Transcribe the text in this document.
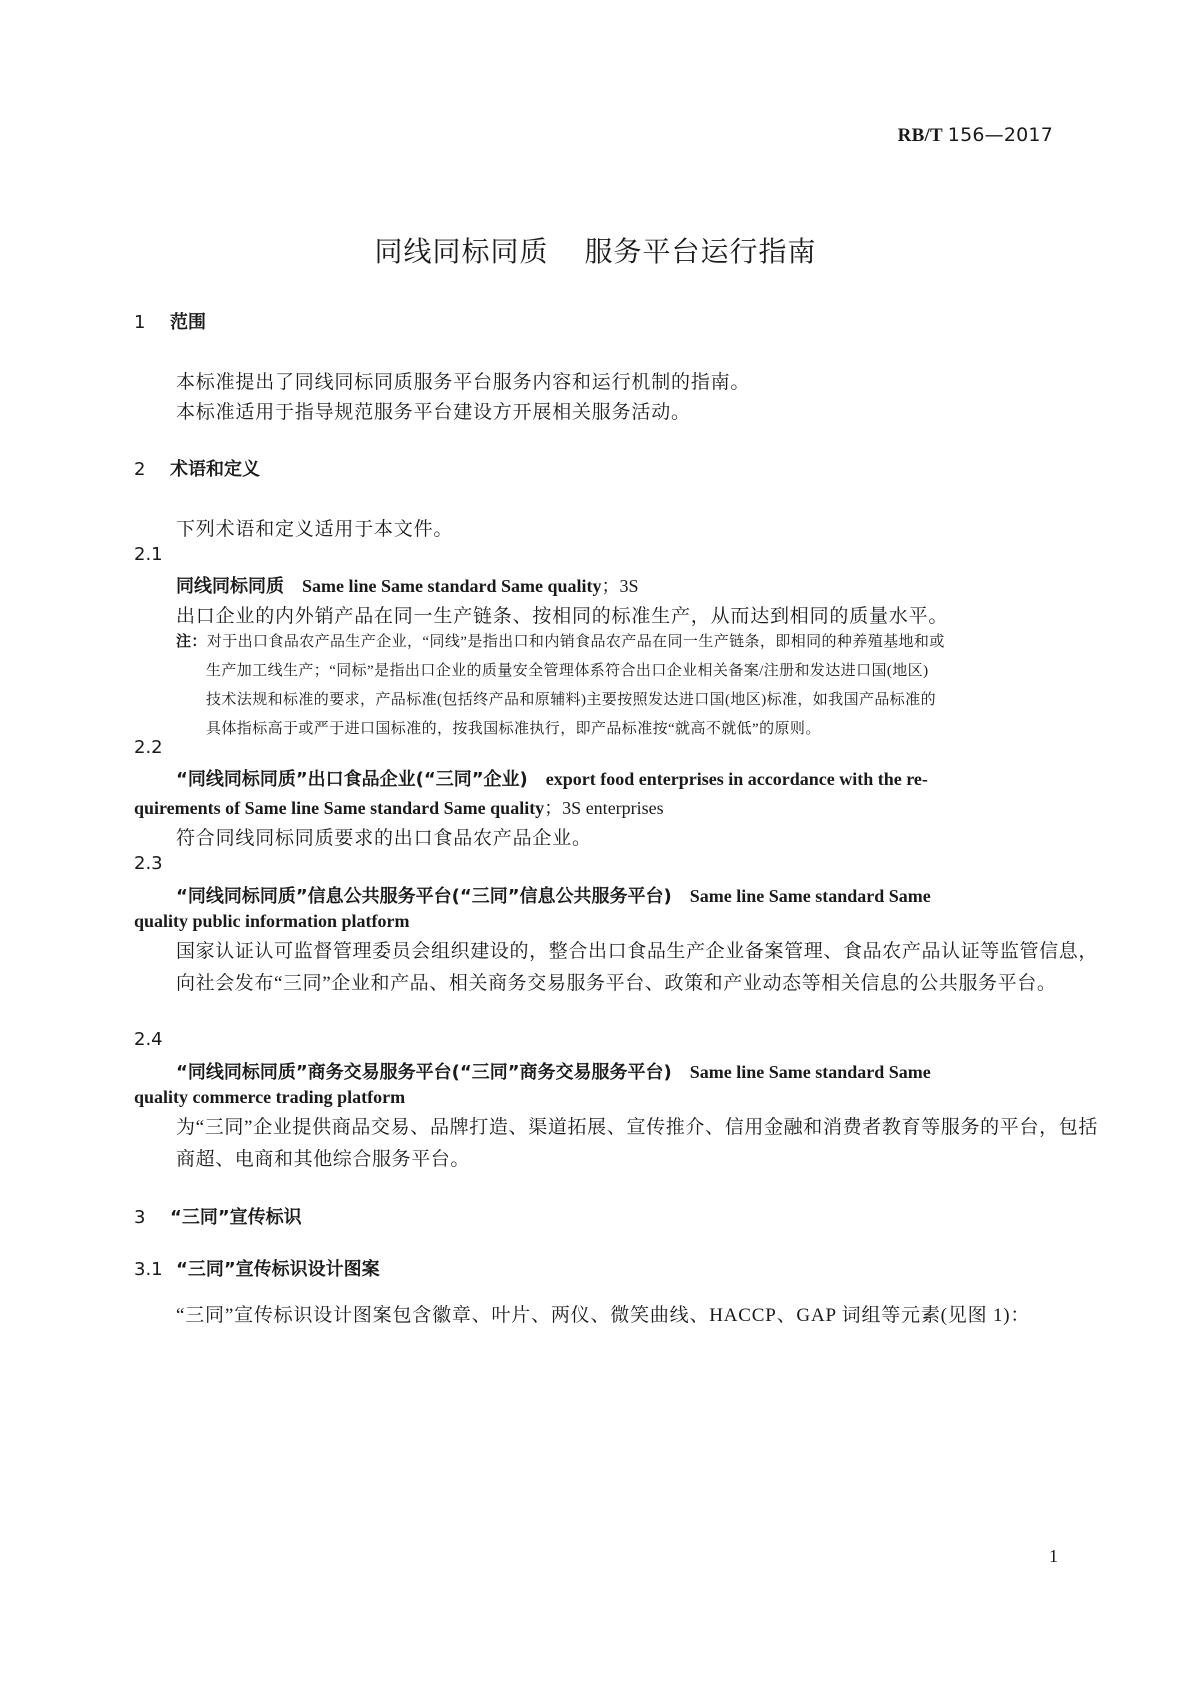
RB/T 156—2017
同线同标同质 服务平台运行指南
1 范围
本标准提出了同线同标同质服务平台服务内容和运行机制的指南。
本标准适用于指导规范服务平台建设方开展相关服务活动。
2 术语和定义
下列术语和定义适用于本文件。
2.1
同线同标同质 Same line Same standard Same quality；3S
出口企业的内外销产品在同一生产链条、按相同的标准生产，从而达到相同的质量水平。
注：对于出口食品农产品生产企业，“同线”是指出口和内销食品农产品在同一生产链条，即相同的种养殖基地和或
生产加工线生产；“同标”是指出口企业的质量安全管理体系符合出口企业相关备案/注册和发达进口国(地区)
技术法规和标准的要求，产品标准(包括终产品和原辅料)主要按照发达进口国(地区)标准，如我国产品标准的
具体指标高于或严于进口国标准的，按我国标准执行，即产品标准按“就高不就低”的原则。
2.2
“同线同标同质”出口食品企业(“三同”企业) export food enterprises in accordance with the re-
quirements of Same line Same standard Same quality；3S enterprises
符合同线同标同质要求的出口食品农产品企业。
2.3
“同线同标同质”信息公共服务平台(“三同”信息公共服务平台) Same line Same standard Same
quality public information platform
国家认证认可监督管理委员会组织建设的，整合出口食品生产企业备案管理、食品农产品认证等监管信息，向社会发布“三同”企业和产品、相关商务交易服务平台、政策和产业动态等相关信息的公共服务平台。
2.4
“同线同标同质”商务交易服务平台(“三同”商务交易服务平台) Same line Same standard Same
quality commerce trading platform
为“三同”企业提供商品交易、品牌打造、渠道拓展、宣传推介、信用金融和消费者教育等服务的平台，包括商超、电商和其他综合服务平台。
3 “三同”宣传标识
3.1 “三同”宣传标识设计图案
“三同”宣传标识设计图案包含徽章、叶片、两仪、微笑曲线、HACCP、GAP 词组等元素(见图 1)：
1
